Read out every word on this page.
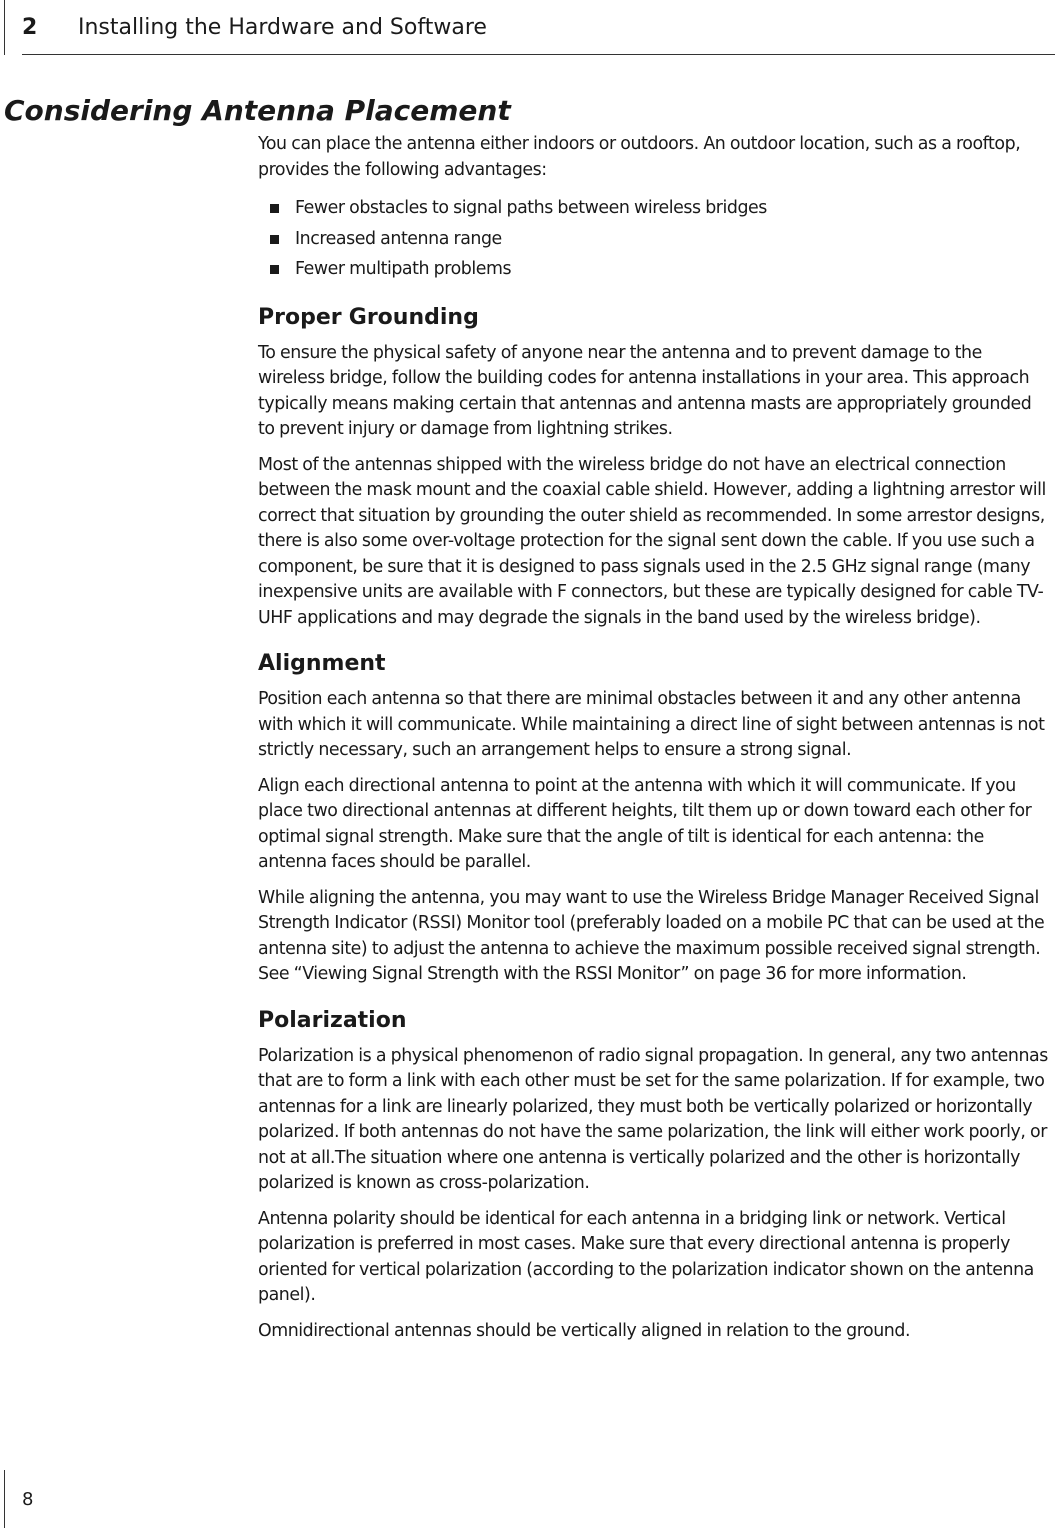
2 Installing the Hardware and Software
Considering Antenna Placement

You can place the antenna either indoors or outdoors. An outdoor location, such as a rooftop, provides the following advantages:

Fewer obstacles to signal paths between wireless bridges
Increased antenna range
Fewer multipath problems
Proper Grounding

To ensure the physical safety of anyone near the antenna and to prevent damage to the wireless bridge, follow the building codes for antenna installations in your area. This approach typically means making certain that antennas and antenna masts are appropriately grounded to prevent injury or damage from lightning strikes.

Most of the antennas shipped with the wireless bridge do not have an electrical connection between the mask mount and the coaxial cable shield. However, adding a lightning arrestor will correct that situation by grounding the outer shield as recommended. In some arrestor designs, there is also some over-voltage protection for the signal sent down the cable. If you use such a component, be sure that it is designed to pass signals used in the 2.5 GHz signal range (many inexpensive units are available with F connectors, but these are typically designed for cable TV-UHF applications and may degrade the signals in the band used by the wireless bridge).

Alignment

Position each antenna so that there are minimal obstacles between it and any other antenna with which it will communicate. While maintaining a direct line of sight between antennas is not strictly necessary, such an arrangement helps to ensure a strong signal.

Align each directional antenna to point at the antenna with which it will communicate. If you place two directional antennas at different heights, tilt them up or down toward each other for optimal signal strength. Make sure that the angle of tilt is identical for each antenna: the antenna faces should be parallel.

While aligning the antenna, you may want to use the Wireless Bridge Manager Received Signal Strength Indicator (RSSI) Monitor tool (preferably loaded on a mobile PC that can be used at the antenna site) to adjust the antenna to achieve the maximum possible received signal strength. See “Viewing Signal Strength with the RSSI Monitor” on page 36 for more information.

Polarization

Polarization is a physical phenomenon of radio signal propagation. In general, any two antennas that are to form a link with each other must be set for the same polarization. If for example, two antennas for a link are linearly polarized, they must both be vertically polarized or horizontally polarized. If both antennas do not have the same polarization, the link will either work poorly, or not at all.The situation where one antenna is vertically polarized and the other is horizontally polarized is known as cross-polarization.

Antenna polarity should be identical for each antenna in a bridging link or network. Vertical polarization is preferred in most cases. Make sure that every directional antenna is properly oriented for vertical polarization (according to the polarization indicator shown on the antenna panel).

Omnidirectional antennas should be vertically aligned in relation to the ground.

8
